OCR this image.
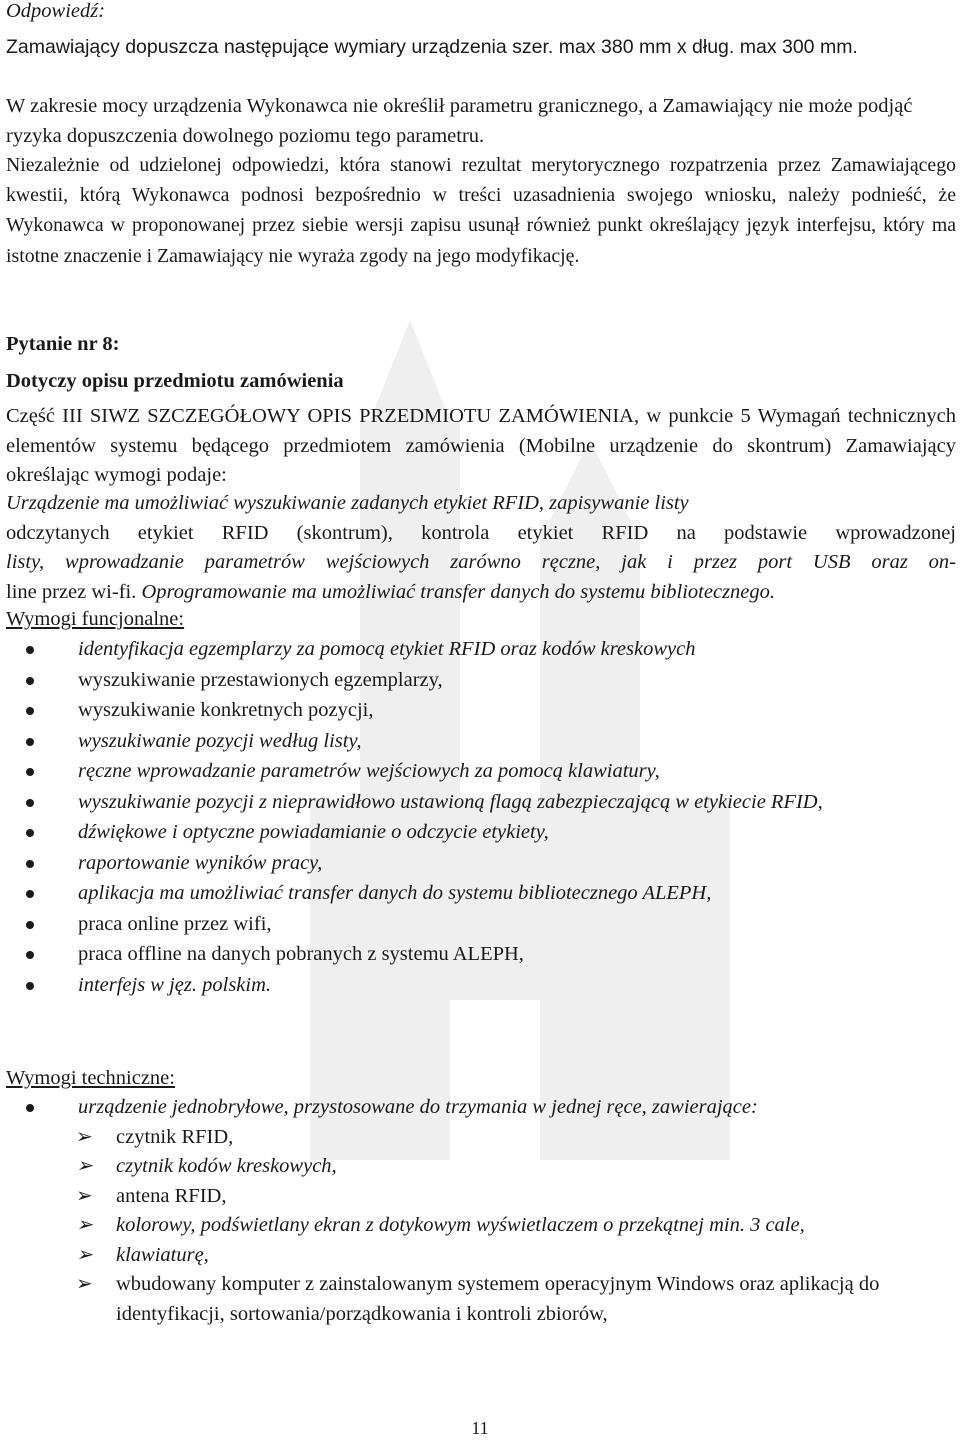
Odpowiedź:
Zamawiający dopuszcza następujące wymiary urządzenia szer. max 380 mm x dług. max 300 mm.
W zakresie mocy urządzenia Wykonawca nie określił parametru granicznego, a Zamawiający nie może podjąć ryzyka dopuszczenia dowolnego poziomu tego parametru.
Niezależnie od udzielonej odpowiedzi, która stanowi rezultat merytorycznego rozpatrzenia przez Zamawiającego kwestii, którą Wykonawca podnosi bezpośrednio w treści uzasadnienia swojego wniosku, należy podnieść, że Wykonawca w proponowanej przez siebie wersji zapisu usunął również punkt określający język interfejsu, który ma istotne znaczenie i Zamawiający nie wyraża zgody na jego modyfikację.
Pytanie nr 8:
Dotyczy opisu przedmiotu zamówienia
Część III SIWZ SZCZEGÓŁOWY OPIS PRZEDMIOTU ZAMÓWIENIA, w punkcie 5 Wymagań technicznych elementów systemu będącego przedmiotem zamówienia (Mobilne urządzenie do skontrum) Zamawiający określając wymogi podaje:
Urządzenie ma umożliwiać wyszukiwanie zadanych etykiet RFID, zapisywanie listy
odczytanych etykiet RFID (skontrum), kontrola etykiet RFID na podstawie wprowadzonej
listy, wprowadzanie parametrów wejściowych zarówno ręczne, jak i przez port USB oraz on-
line przez wi-fi. Oprogramowanie ma umożliwiać transfer danych do systemu bibliotecznego.
Wymogi funcjonalne:
identyfikacja egzemplarzy za pomocą etykiet RFID oraz kodów kreskowych
wyszukiwanie przestawionych egzemplarzy,
wyszukiwanie konkretnych pozycji,
wyszukiwanie pozycji według listy,
ręczne wprowadzanie parametrów wejściowych za pomocą klawiatury,
wyszukiwanie pozycji z nieprawidłowo ustawioną flagą zabezpieczającą w etykiecie RFID,
dźwiękowe i optyczne powiadamianie o odczycie etykiety,
raportowanie wyników pracy,
aplikacja ma umożliwiać transfer danych do systemu bibliotecznego ALEPH,
praca online przez wifi,
praca offline na danych pobranych z systemu ALEPH,
interfejs w jęz. polskim.
Wymogi techniczne:
urządzenie jednobryłowe, przystosowane do trzymania w jednej ręce, zawierające:
➢ czytnik RFID,
➢ czytnik kodów kreskowych,
➢ antena RFID,
➢ kolorowy, podświetlany ekran z dotykowym wyświetlaczem o przekątnej min. 3 cale,
➢ klawiaturę,
➢ wbudowany komputer z zainstalowanym systemem operacyjnym Windows oraz aplikacją do identyfikacji, sortowania/porządkowania i kontroli zbiorów,
11
